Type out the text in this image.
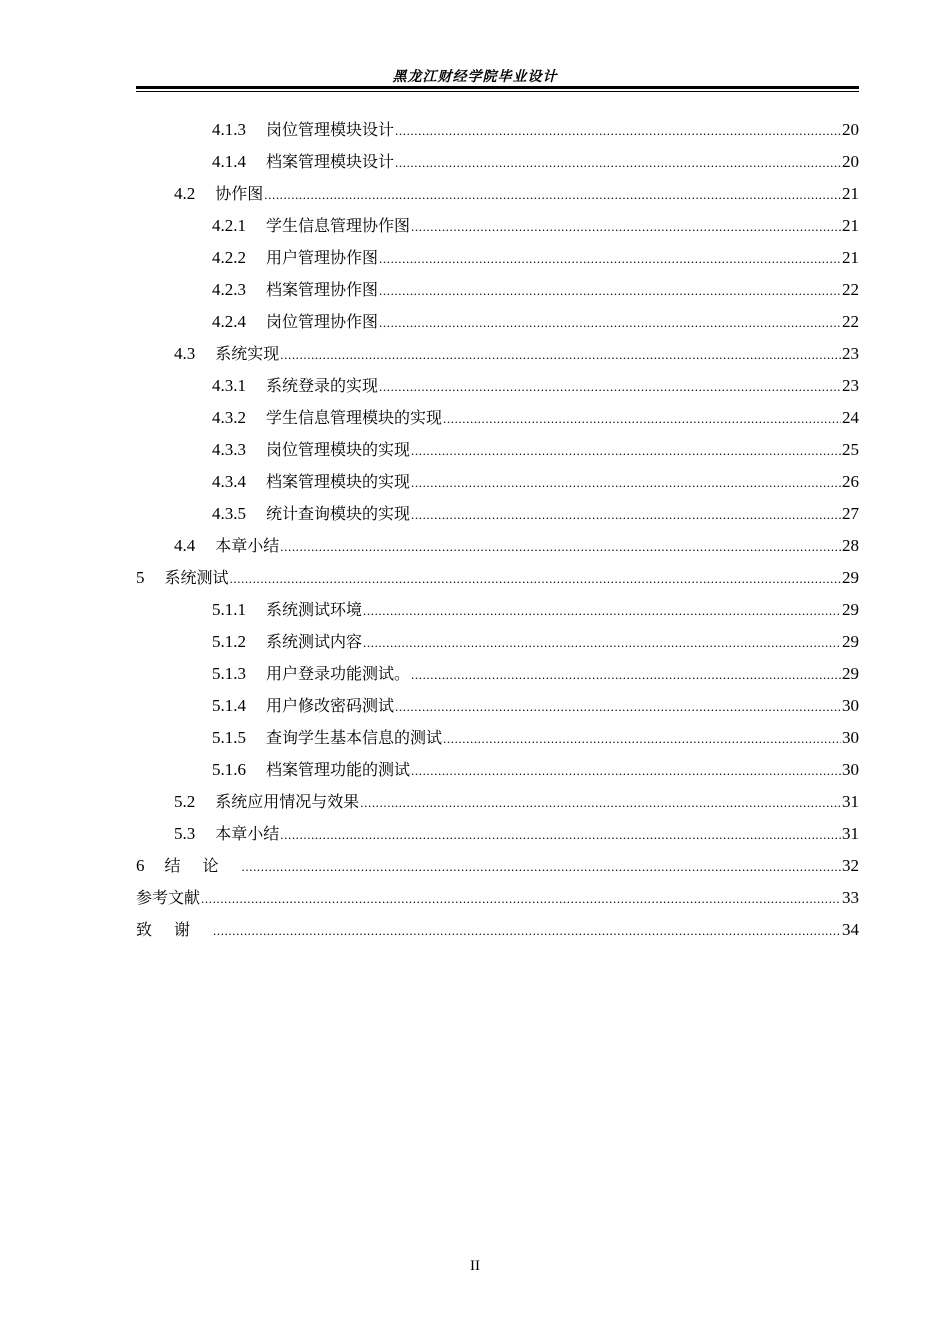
黑龙江财经学院毕业设计
4.1.3 岗位管理模块设计 .....	20
4.1.4 档案管理模块设计 .....	20
4.2 协作图 .....	21
4.2.1 学生信息管理协作图 .....	21
4.2.2 用户管理协作图 .....	21
4.2.3 档案管理协作图 .....	22
4.2.4 岗位管理协作图 .....	22
4.3 系统实现 .....	23
4.3.1 系统登录的实现 .....	23
4.3.2 学生信息管理模块的实现 .....	24
4.3.3 岗位管理模块的实现 .....	25
4.3.4 档案管理模块的实现 .....	26
4.3.5 统计查询模块的实现 .....	27
4.4 本章小结 .....	28
5 系统测试 .....	29
5.1.1 系统测试环境 .....	29
5.1.2 系统测试内容 .....	29
5.1.3 用户登录功能测试。 .....	29
5.1.4 用户修改密码测试 .....	30
5.1.5 查询学生基本信息的测试 .....	30
5.1.6 档案管理功能的测试 .....	30
5.2 系统应用情况与效果 .....	31
5.3 本章小结 .....	31
6 结论 .....	32
参考文献 .....	33
致谢 .....	34
II
